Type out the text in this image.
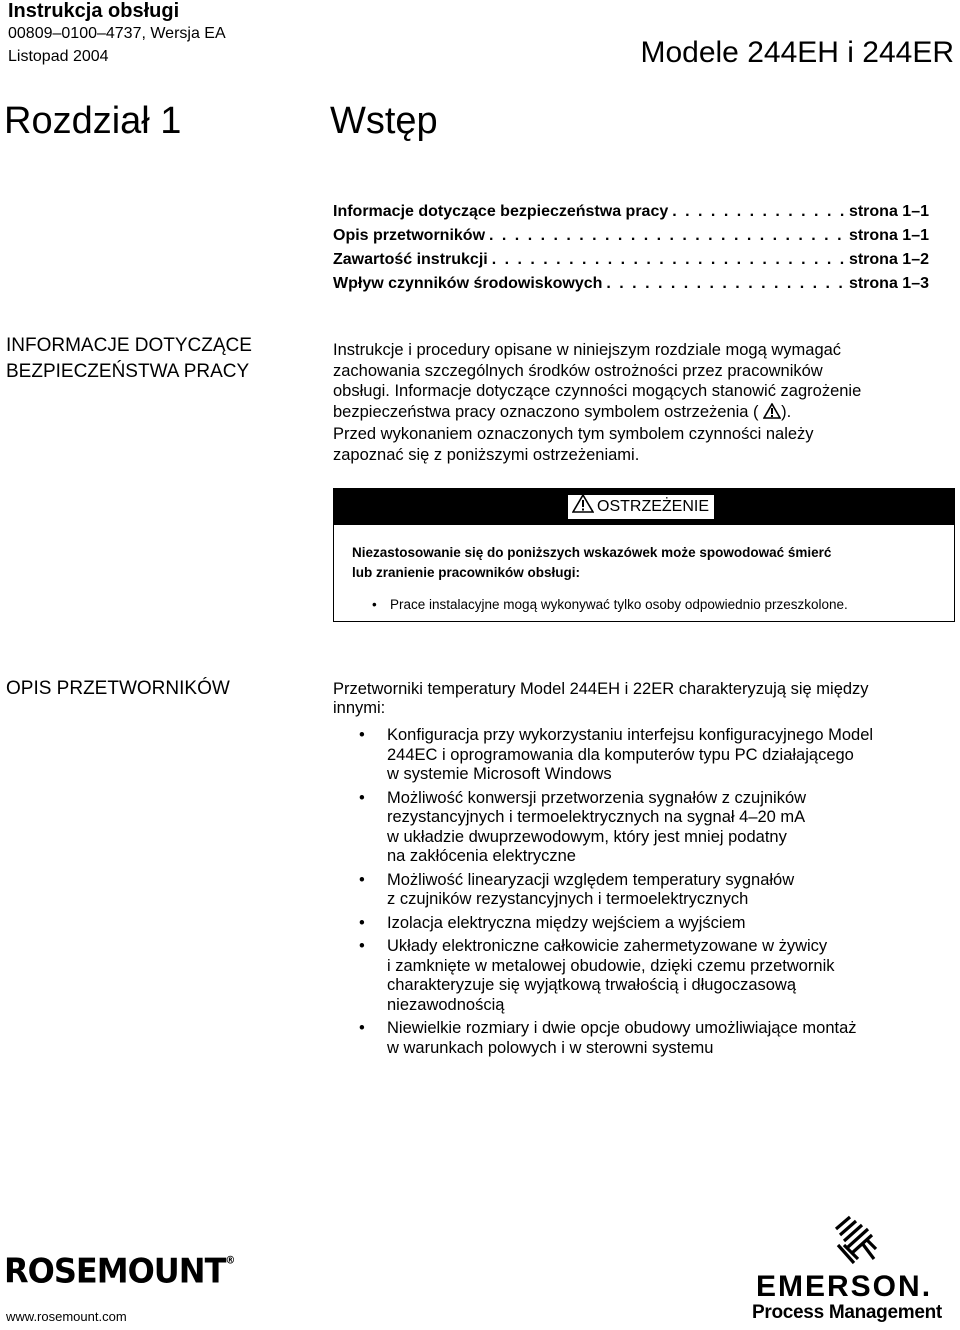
Instrukcja obsługi
00809–0100–4737, Wersja EA
Listopad 2004	Modele 244EH i 244ER
Rozdział 1	Wstęp
Informacje dotyczące bezpieczeństwa pracy . . .	strona 1–1
Opis przetworników . . .	strona 1–1
Zawartość instrukcji . . .	strona 1–2
Wpływ czynników środowiskowych . . .	strona 1–3
INFORMACJE DOTYCZĄCE
BEZPIECZEŃSTWA PRACY
Instrukcje i procedury opisane w niniejszym rozdziale mogą wymagać
zachowania szczególnych środków ostrożności przez pracowników
obsługi. Informacje dotyczące czynności mogących stanowić zagrożenie
bezpieczeństwa pracy oznaczono symbolem ostrzeżenia ( ).
Przed wykonaniem oznaczonych tym symbolem czynności należy
zapoznać się z poniższymi ostrzeżeniami.
OSTRZEŻENIE
Niezastosowanie się do poniższych wskazówek może spowodować śmierć
lub zranienie pracowników obsługi:
• Prace instalacyjne mogą wykonywać tylko osoby odpowiednio przeszkolone.
OPIS PRZETWORNIKÓW	Przetworniki temperatury Model 244EH i 22ER charakteryzują się między
innymi:
•	Konfiguracja przy wykorzystaniu interfejsu konfiguracyjnego Model
244EC i oprogramowania dla komputerów typu PC działającego
w systemie Microsoft Windows
•	Możliwość konwersji przetworzenia sygnałów z czujników
rezystancyjnych i termoelektrycznych na sygnał 4–20 mA
w układzie dwuprzewodowym, który jest mniej podatny
na zakłócenia elektryczne
•	Możliwość linearyzacji względem temperatury sygnałów
z czujników rezystancyjnych i termoelektrycznych
•	Izolacja elektryczna między wejściem a wyjściem
•	Układy elektroniczne całkowicie zahermetyzowane w żywicy
i zamknięte w metalowej obudowie, dzięki czemu przetwornik
charakteryzuje się wyjątkową trwałością i długoczasową
niezawodnością
•	Niewielkie rozmiary i dwie opcje obudowy umożliwiające montaż
w warunkach polowych i w sterowni systemu
ROSEMOUNT®
www.rosemount.com
EMERSON.
Process Management
